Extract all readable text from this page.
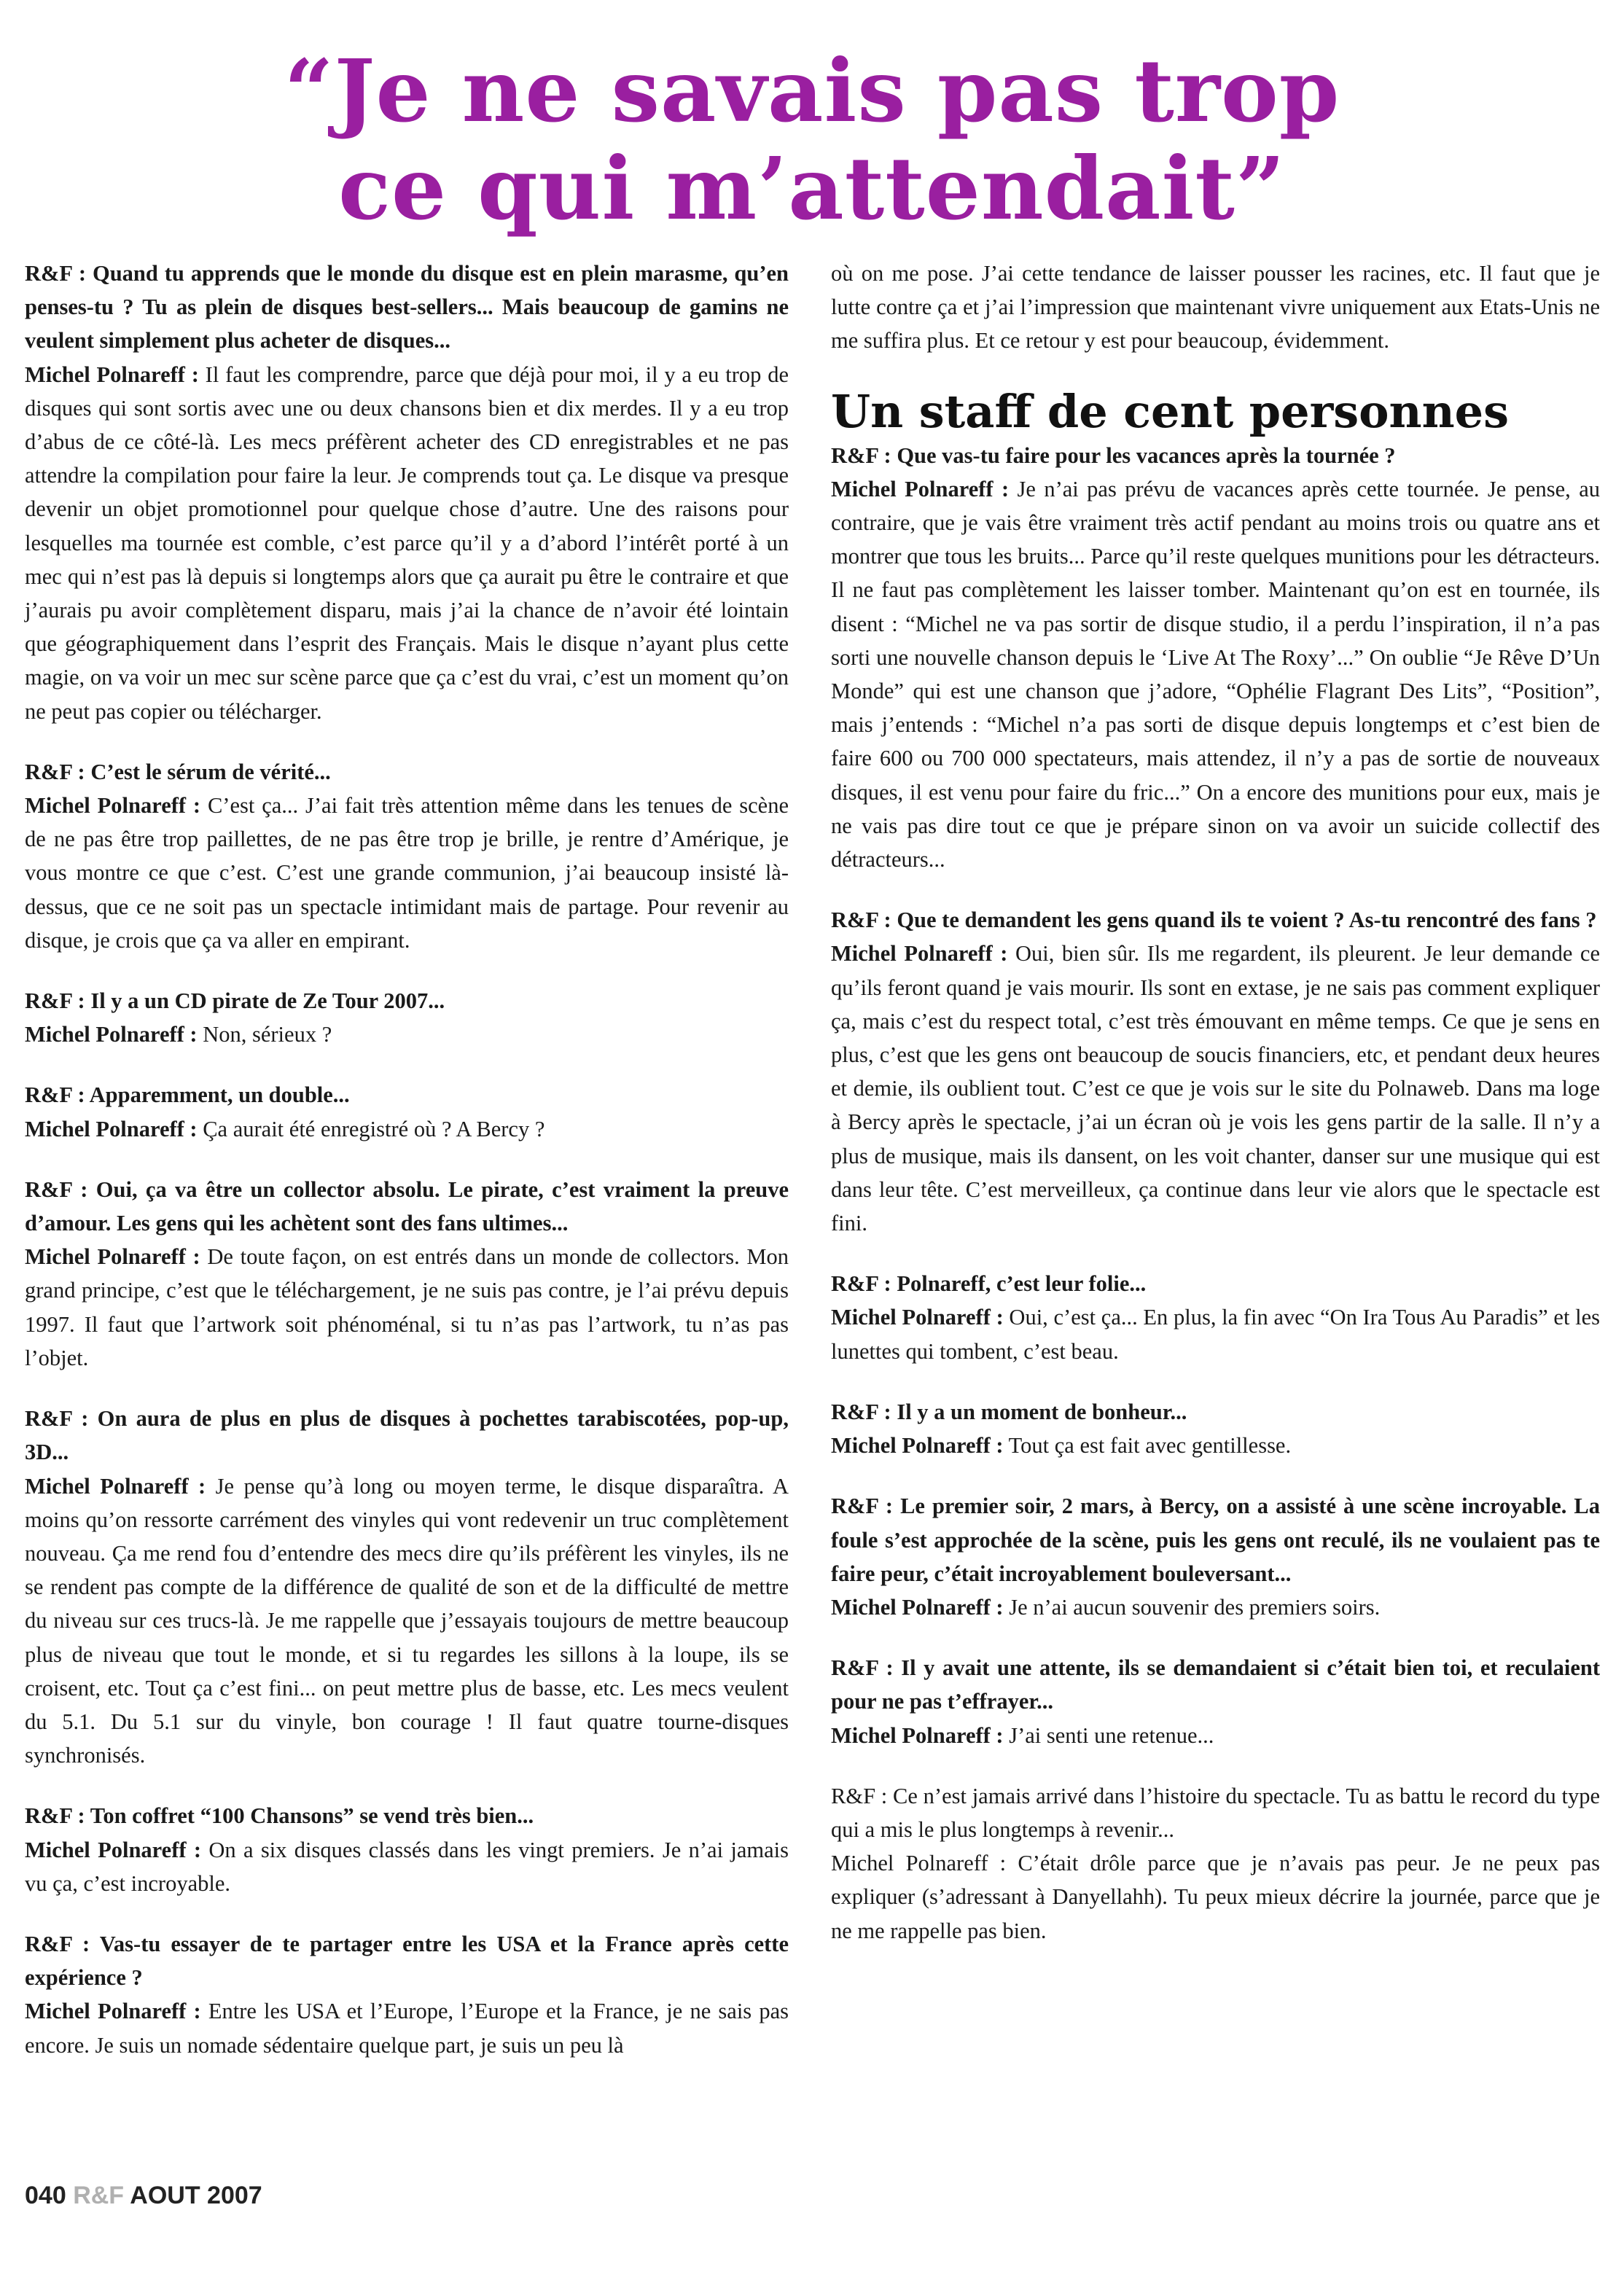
“Je ne savais pas trop
ce qui m’attendait”
R&F : Quand tu apprends que le monde du disque est en plein marasme, qu’en penses-tu ? Tu as plein de disques best-sellers... Mais beaucoup de gamins ne veulent simplement plus acheter de disques...
Michel Polnareff : Il faut les comprendre, parce que déjà pour moi, il y a eu trop de disques qui sont sortis avec une ou deux chansons bien et dix merdes. Il y a eu trop d’abus de ce côté-là. Les mecs préfèrent acheter des CD enregistrables et ne pas attendre la compilation pour faire la leur. Je comprends tout ça. Le disque va presque devenir un objet promotionnel pour quelque chose d’autre. Une des raisons pour lesquelles ma tournée est comble, c’est parce qu’il y a d’abord l’intérêt porté à un mec qui n’est pas là depuis si longtemps alors que ça aurait pu être le contraire et que j’aurais pu avoir complètement disparu, mais j’ai la chance de n’avoir été lointain que géographiquement dans l’esprit des Français. Mais le disque n’ayant plus cette magie, on va voir un mec sur scène parce que ça c’est du vrai, c’est un moment qu’on ne peut pas copier ou télécharger.
R&F : C’est le sérum de vérité...
Michel Polnareff : C’est ça... J’ai fait très attention même dans les tenues de scène de ne pas être trop paillettes, de ne pas être trop je brille, je rentre d’Amérique, je vous montre ce que c’est. C’est une grande communion, j’ai beaucoup insisté là-dessus, que ce ne soit pas un spectacle intimidant mais de partage. Pour revenir au disque, je crois que ça va aller en empirant.
R&F : Il y a un CD pirate de Ze Tour 2007...
Michel Polnareff : Non, sérieux ?
R&F : Apparemment, un double...
Michel Polnareff : Ça aurait été enregistré où ? A Bercy ?
R&F : Oui, ça va être un collector absolu. Le pirate, c’est vraiment la preuve d’amour. Les gens qui les achètent sont des fans ultimes...
Michel Polnareff : De toute façon, on est entrés dans un monde de collectors. Mon grand principe, c’est que le téléchargement, je ne suis pas contre, je l’ai prévu depuis 1997. Il faut que l’artwork soit phénoménal, si tu n’as pas l’artwork, tu n’as pas l’objet.
R&F : On aura de plus en plus de disques à pochettes tarabiscotées, pop-up, 3D...
Michel Polnareff : Je pense qu’à long ou moyen terme, le disque disparaîtra. A moins qu’on ressorte carrément des vinyles qui vont redevenir un truc complètement nouveau. Ça me rend fou d’entendre des mecs dire qu’ils préfèrent les vinyles, ils ne se rendent pas compte de la différence de qualité de son et de la difficulté de mettre du niveau sur ces trucs-là. Je me rappelle que j’essayais toujours de mettre beaucoup plus de niveau que tout le monde, et si tu regardes les sillons à la loupe, ils se croisent, etc. Tout ça c’est fini... on peut mettre plus de basse, etc. Les mecs veulent du 5.1. Du 5.1 sur du vinyle, bon courage ! Il faut quatre tourne-disques synchronisés.
R&F : Ton coffret “100 Chansons” se vend très bien...
Michel Polnareff : On a six disques classés dans les vingt premiers. Je n’ai jamais vu ça, c’est incroyable.
R&F : Vas-tu essayer de te partager entre les USA et la France après cette expérience ?
Michel Polnareff : Entre les USA et l’Europe, l’Europe et la France, je ne sais pas encore. Je suis un nomade sédentaire quelque part, je suis un peu là
où on me pose. J’ai cette tendance de laisser pousser les racines, etc. Il faut que je lutte contre ça et j’ai l’impression que maintenant vivre uniquement aux Etats-Unis ne me suffira plus. Et ce retour y est pour beaucoup, évidemment.
Un staff de cent personnes
R&F : Que vas-tu faire pour les vacances après la tournée ?
Michel Polnareff : Je n’ai pas prévu de vacances après cette tournée. Je pense, au contraire, que je vais être vraiment très actif pendant au moins trois ou quatre ans et montrer que tous les bruits... Parce qu’il reste quelques munitions pour les détracteurs. Il ne faut pas complètement les laisser tomber. Maintenant qu’on est en tournée, ils disent : “Michel ne va pas sortir de disque studio, il a perdu l’inspiration, il n’a pas sorti une nouvelle chanson depuis le ‘Live At The Roxy’...” On oublie “Je Rêve D’Un Monde” qui est une chanson que j’adore, “Ophélie Flagrant Des Lits”, “Position”, mais j’entends : “Michel n’a pas sorti de disque depuis longtemps et c’est bien de faire 600 ou 700 000 spectateurs, mais attendez, il n’y a pas de sortie de nouveaux disques, il est venu pour faire du fric...” On a encore des munitions pour eux, mais je ne vais pas dire tout ce que je prépare sinon on va avoir un suicide collectif des détracteurs...
R&F : Que te demandent les gens quand ils te voient ? As-tu rencontré des fans ?
Michel Polnareff : Oui, bien sûr. Ils me regardent, ils pleurent. Je leur demande ce qu’ils feront quand je vais mourir. Ils sont en extase, je ne sais pas comment expliquer ça, mais c’est du respect total, c’est très émouvant en même temps. Ce que je sens en plus, c’est que les gens ont beaucoup de soucis financiers, etc, et pendant deux heures et demie, ils oublient tout. C’est ce que je vois sur le site du Polnaweb. Dans ma loge à Bercy après le spectacle, j’ai un écran où je vois les gens partir de la salle. Il n’y a plus de musique, mais ils dansent, on les voit chanter, danser sur une musique qui est dans leur tête. C’est merveilleux, ça continue dans leur vie alors que le spectacle est fini.
R&F : Polnareff, c’est leur folie...
Michel Polnareff : Oui, c’est ça... En plus, la fin avec “On Ira Tous Au Paradis” et les lunettes qui tombent, c’est beau.
R&F : Il y a un moment de bonheur...
Michel Polnareff : Tout ça est fait avec gentillesse.
R&F : Le premier soir, 2 mars, à Bercy, on a assisté à une scène incroyable. La foule s’est approchée de la scène, puis les gens ont reculé, ils ne voulaient pas te faire peur, c’était incroyablement bouleversant...
Michel Polnareff : Je n’ai aucun souvenir des premiers soirs.
R&F : Il y avait une attente, ils se demandaient si c’était bien toi, et reculaient pour ne pas t’effrayer...
Michel Polnareff : J’ai senti une retenue...
R&F : Ce n’est jamais arrivé dans l’histoire du spectacle. Tu as battu le record du type qui a mis le plus longtemps à revenir...
Michel Polnareff : C’était drôle parce que je n’avais pas peur. Je ne peux pas expliquer (s’adressant à Danyellahh). Tu peux mieux décrire la journée, parce que je ne me rappelle pas bien.
040 R&F AOUT 2007
